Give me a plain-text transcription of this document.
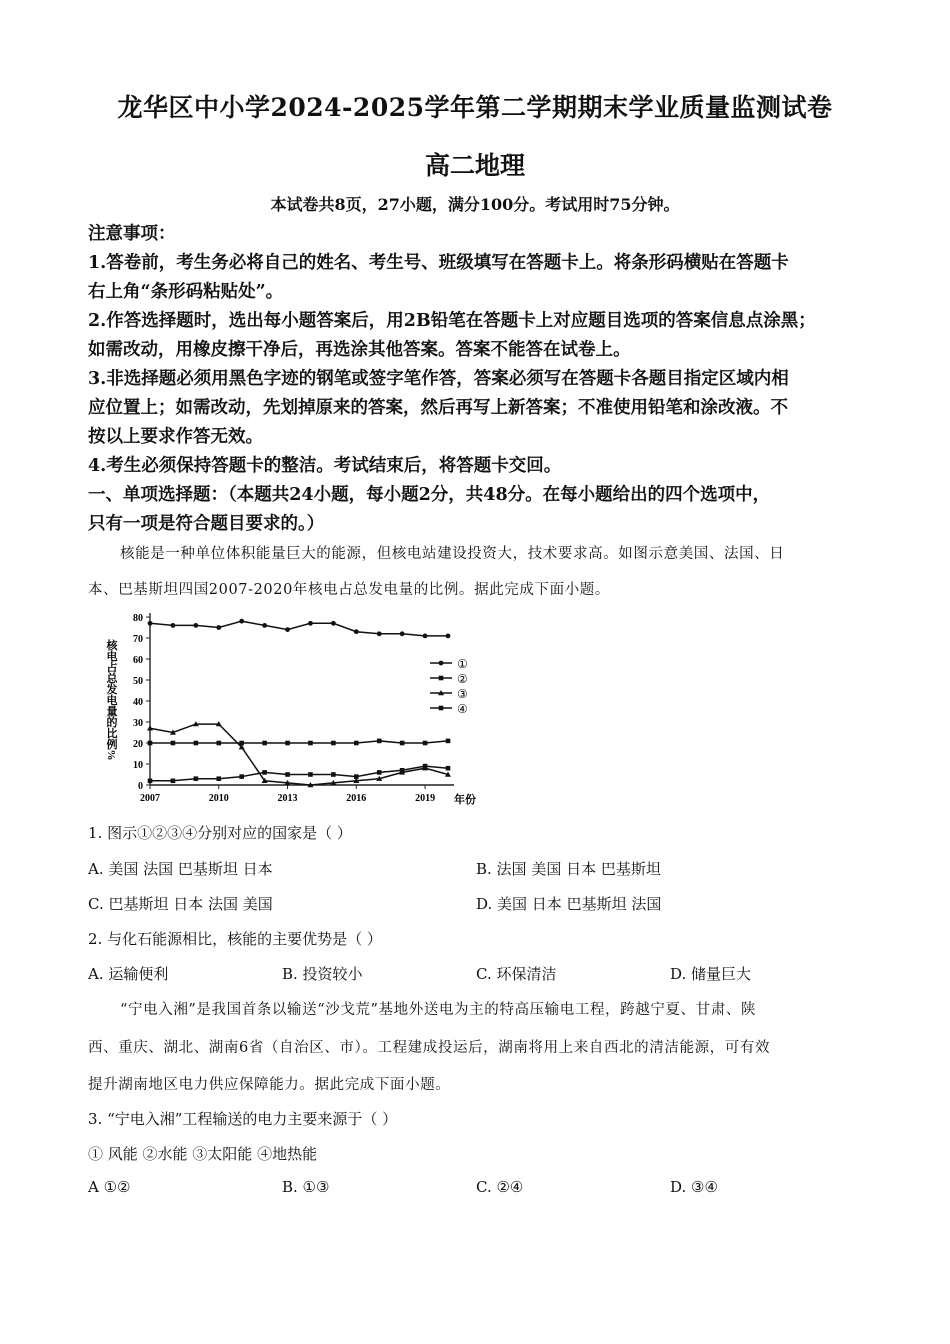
龙华区中小学2024-2025学年第二学期期末学业质量监测试卷
高二地理
本试卷共8页，27小题，满分100分。考试用时75分钟。
注意事项：
1.答卷前，考生务必将自己的姓名、考生号、班级填写在答题卡上。将条形码横贴在答题卡
右上角“条形码粘贴处”。
2.作答选择题时，选出每小题答案后，用2B铅笔在答题卡上对应题目选项的答案信息点涂黑；
如需改动，用橡皮擦干净后，再选涂其他答案。答案不能答在试卷上。
3.非选择题必须用黑色字迹的钢笔或签字笔作答，答案必须写在答题卡各题目指定区域内相
应位置上；如需改动，先划掉原来的答案，然后再写上新答案；不准使用铅笔和涂改液。不
按以上要求作答无效。
4.考生必须保持答题卡的整洁。考试结束后，将答题卡交回。
一、单项选择题：（本题共24小题，每小题2分，共48分。在每小题给出的四个选项中，
只有一项是符合题目要求的。）
核能是一种单位体积能量巨大的能源，但核电站建设投资大，技术要求高。如图示意美国、法国、日
本、巴基斯坦四国2007-2020年核电占总发电量的比例。据此完成下面小题。
核电占总发电量的比例%
年份
0
10
20
30
40
50
60
70
80
2007	2010	2013	2016	2019
①
②
③
④
1. 图示①②③④分别对应的国家是（ ）
A. 美国 法国 巴基斯坦 日本	B. 法国 美国 日本 巴基斯坦
C. 巴基斯坦 日本 法国 美国	D. 美国 日本 巴基斯坦 法国
2. 与化石能源相比，核能的主要优势是（ ）
A. 运输便利	B. 投资较小	C. 环保清洁	D. 储量巨大
“宁电入湘”是我国首条以输送“沙戈荒”基地外送电为主的特高压输电工程，跨越宁夏、甘肃、陕
西、重庆、湖北、湖南6省（自治区、市）。工程建成投运后，湖南将用上来自西北的清洁能源，可有效
提升湖南地区电力供应保障能力。据此完成下面小题。
3. “宁电入湘”工程输送的电力主要来源于（ ）
① 风能 ②水能 ③太阳能 ④地热能
A ①②	B. ①③	C. ②④	D. ③④
